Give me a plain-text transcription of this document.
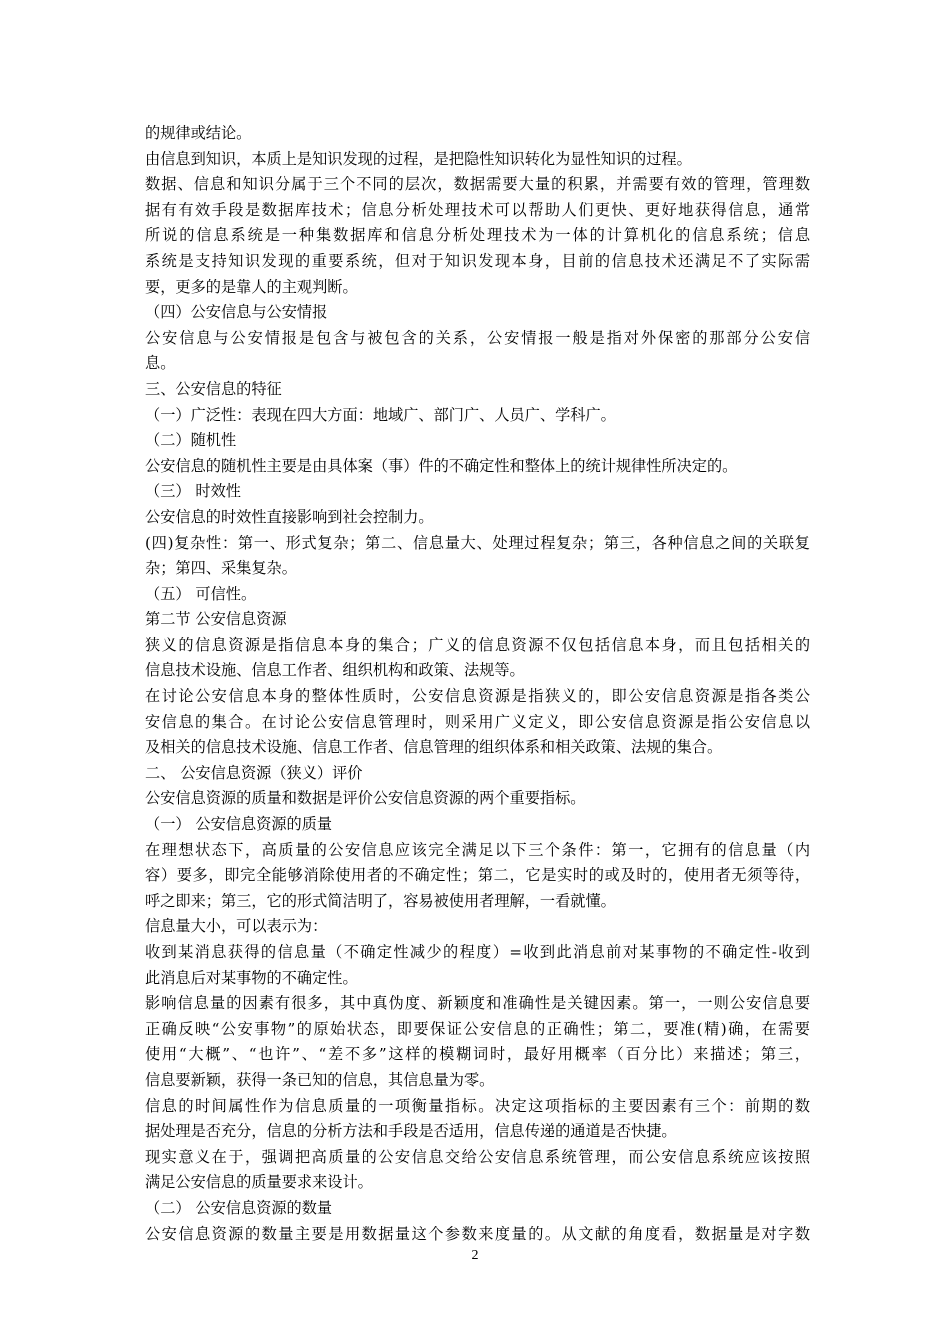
的规律或结论。
由信息到知识，本质上是知识发现的过程，是把隐性知识转化为显性知识的过程。
数据、信息和知识分属于三个不同的层次，数据需要大量的积累，并需要有效的管理，管理数
据有有效手段是数据库技术；信息分析处理技术可以帮助人们更快、更好地获得信息，通常
所说的信息系统是一种集数据库和信息分析处理技术为一体的计算机化的信息系统；信息
系统是支持知识发现的重要系统，但对于知识发现本身，目前的信息技术还满足不了实际需
要，更多的是靠人的主观判断。
（四）公安信息与公安情报
公安信息与公安情报是包含与被包含的关系，公安情报一般是指对外保密的那部分公安信
息。
三、公安信息的特征
（一）广泛性：表现在四大方面：地域广、部门广、人员广、学科广。
（二）随机性
公安信息的随机性主要是由具体案（事）件的不确定性和整体上的统计规律性所决定的。
（三） 时效性
公安信息的时效性直接影响到社会控制力。
(四)复杂性：第一、形式复杂；第二、信息量大、处理过程复杂；第三，各种信息之间的关联复
杂；第四、采集复杂。
（五） 可信性。
第二节 公安信息资源
狭义的信息资源是指信息本身的集合；广义的信息资源不仅包括信息本身，而且包括相关的
信息技术设施、信息工作者、组织机构和政策、法规等。
在讨论公安信息本身的整体性质时，公安信息资源是指狭义的，即公安信息资源是指各类公
安信息的集合。在讨论公安信息管理时，则采用广义定义，即公安信息资源是指公安信息以
及相关的信息技术设施、信息工作者、信息管理的组织体系和相关政策、法规的集合。
二、 公安信息资源（狭义）评价
公安信息资源的质量和数据是评价公安信息资源的两个重要指标。
（一） 公安信息资源的质量
在理想状态下，高质量的公安信息应该完全满足以下三个条件：第一，它拥有的信息量（内
容）要多，即完全能够消除使用者的不确定性；第二，它是实时的或及时的，使用者无须等待，
呼之即来；第三，它的形式简洁明了，容易被使用者理解，一看就懂。
信息量大小，可以表示为：
收到某消息获得的信息量（不确定性减少的程度）=收到此消息前对某事物的不确定性-收到
此消息后对某事物的不确定性。
影响信息量的因素有很多，其中真伪度、新颖度和准确性是关键因素。第一，一则公安信息要
正确反映“公安事物”的原始状态，即要保证公安信息的正确性；第二，要准(精)确，在需要
使用“大概”、“也许”、“差不多”这样的模糊词时，最好用概率（百分比）来描述；第三，
信息要新颖，获得一条已知的信息，其信息量为零。
信息的时间属性作为信息质量的一项衡量指标。决定这项指标的主要因素有三个：前期的数
据处理是否充分，信息的分析方法和手段是否适用，信息传递的通道是否快捷。
现实意义在于，强调把高质量的公安信息交给公安信息系统管理，而公安信息系统应该按照
满足公安信息的质量要求来设计。
（二） 公安信息资源的数量
公安信息资源的数量主要是用数据量这个参数来度量的。从文献的角度看，数据量是对字数
2
